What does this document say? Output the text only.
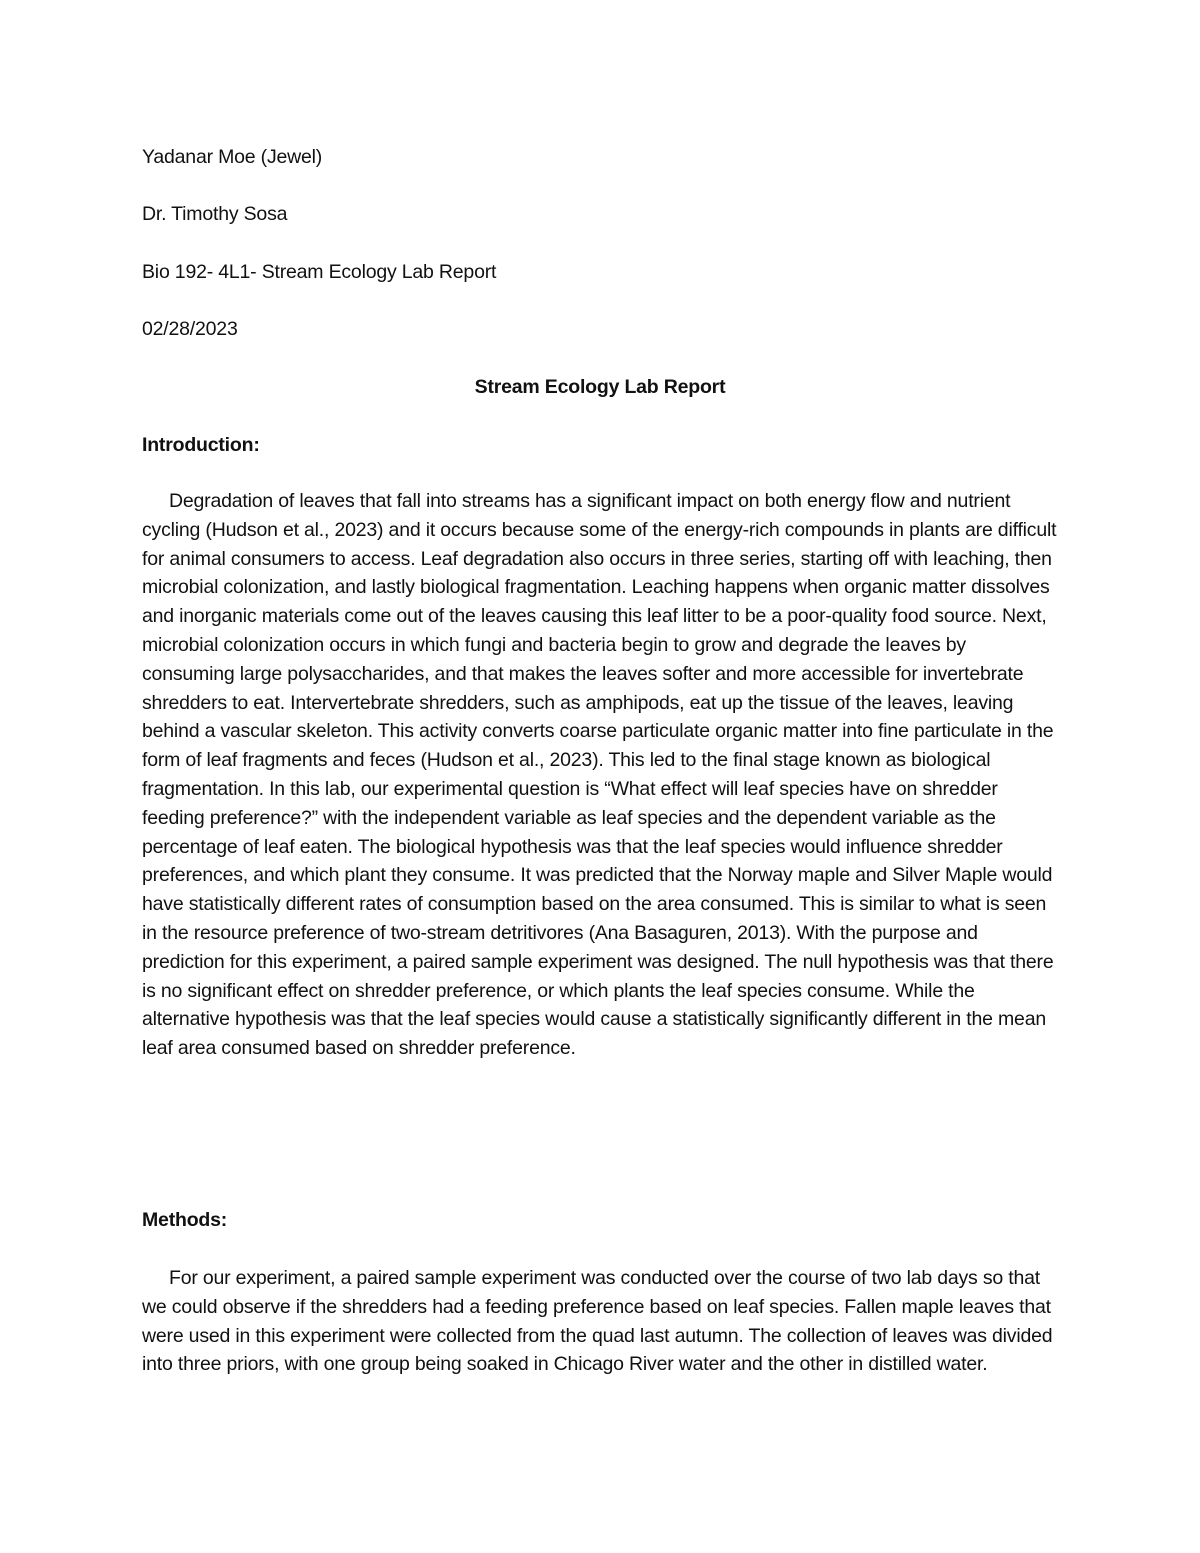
Yadanar Moe (Jewel)
Dr. Timothy Sosa
Bio 192- 4L1- Stream Ecology Lab Report
02/28/2023
Stream Ecology Lab Report
Introduction:

Degradation of leaves that fall into streams has a significant impact on both energy flow and nutrient cycling (Hudson et al., 2023) and it occurs because some of the energy-rich compounds in plants are difficult for animal consumers to access. Leaf degradation also occurs in three series, starting off with leaching, then microbial colonization, and lastly biological fragmentation. Leaching happens when organic matter dissolves and inorganic materials come out of the leaves causing this leaf litter to be a poor-quality food source. Next, microbial colonization occurs in which fungi and bacteria begin to grow and degrade the leaves by consuming large polysaccharides, and that makes the leaves softer and more accessible for invertebrate shredders to eat. Intervertebrate shredders, such as amphipods, eat up the tissue of the leaves, leaving behind a vascular skeleton. This activity converts coarse particulate organic matter into fine particulate in the form of leaf fragments and feces (Hudson et al., 2023). This led to the final stage known as biological fragmentation. In this lab, our experimental question is “What effect will leaf species have on shredder feeding preference?” with the independent variable as leaf species and the dependent variable as the percentage of leaf eaten. The biological hypothesis was that the leaf species would influence shredder preferences, and which plant they consume. It was predicted that the Norway maple and Silver Maple would have statistically different rates of consumption based on the area consumed. This is similar to what is seen in the resource preference of two-stream detritivores (Ana Basaguren, 2013). With the purpose and prediction for this experiment, a paired sample experiment was designed. The null hypothesis was that there is no significant effect on shredder preference, or which plants the leaf species consume. While the alternative hypothesis was that the leaf species would cause a statistically significantly different in the mean leaf area consumed based on shredder preference.

Methods:

For our experiment, a paired sample experiment was conducted over the course of two lab days so that we could observe if the shredders had a feeding preference based on leaf species. Fallen maple leaves that were used in this experiment were collected from the quad last autumn. The collection of leaves was divided into three priors, with one group being soaked in Chicago River water and the other in distilled water.
